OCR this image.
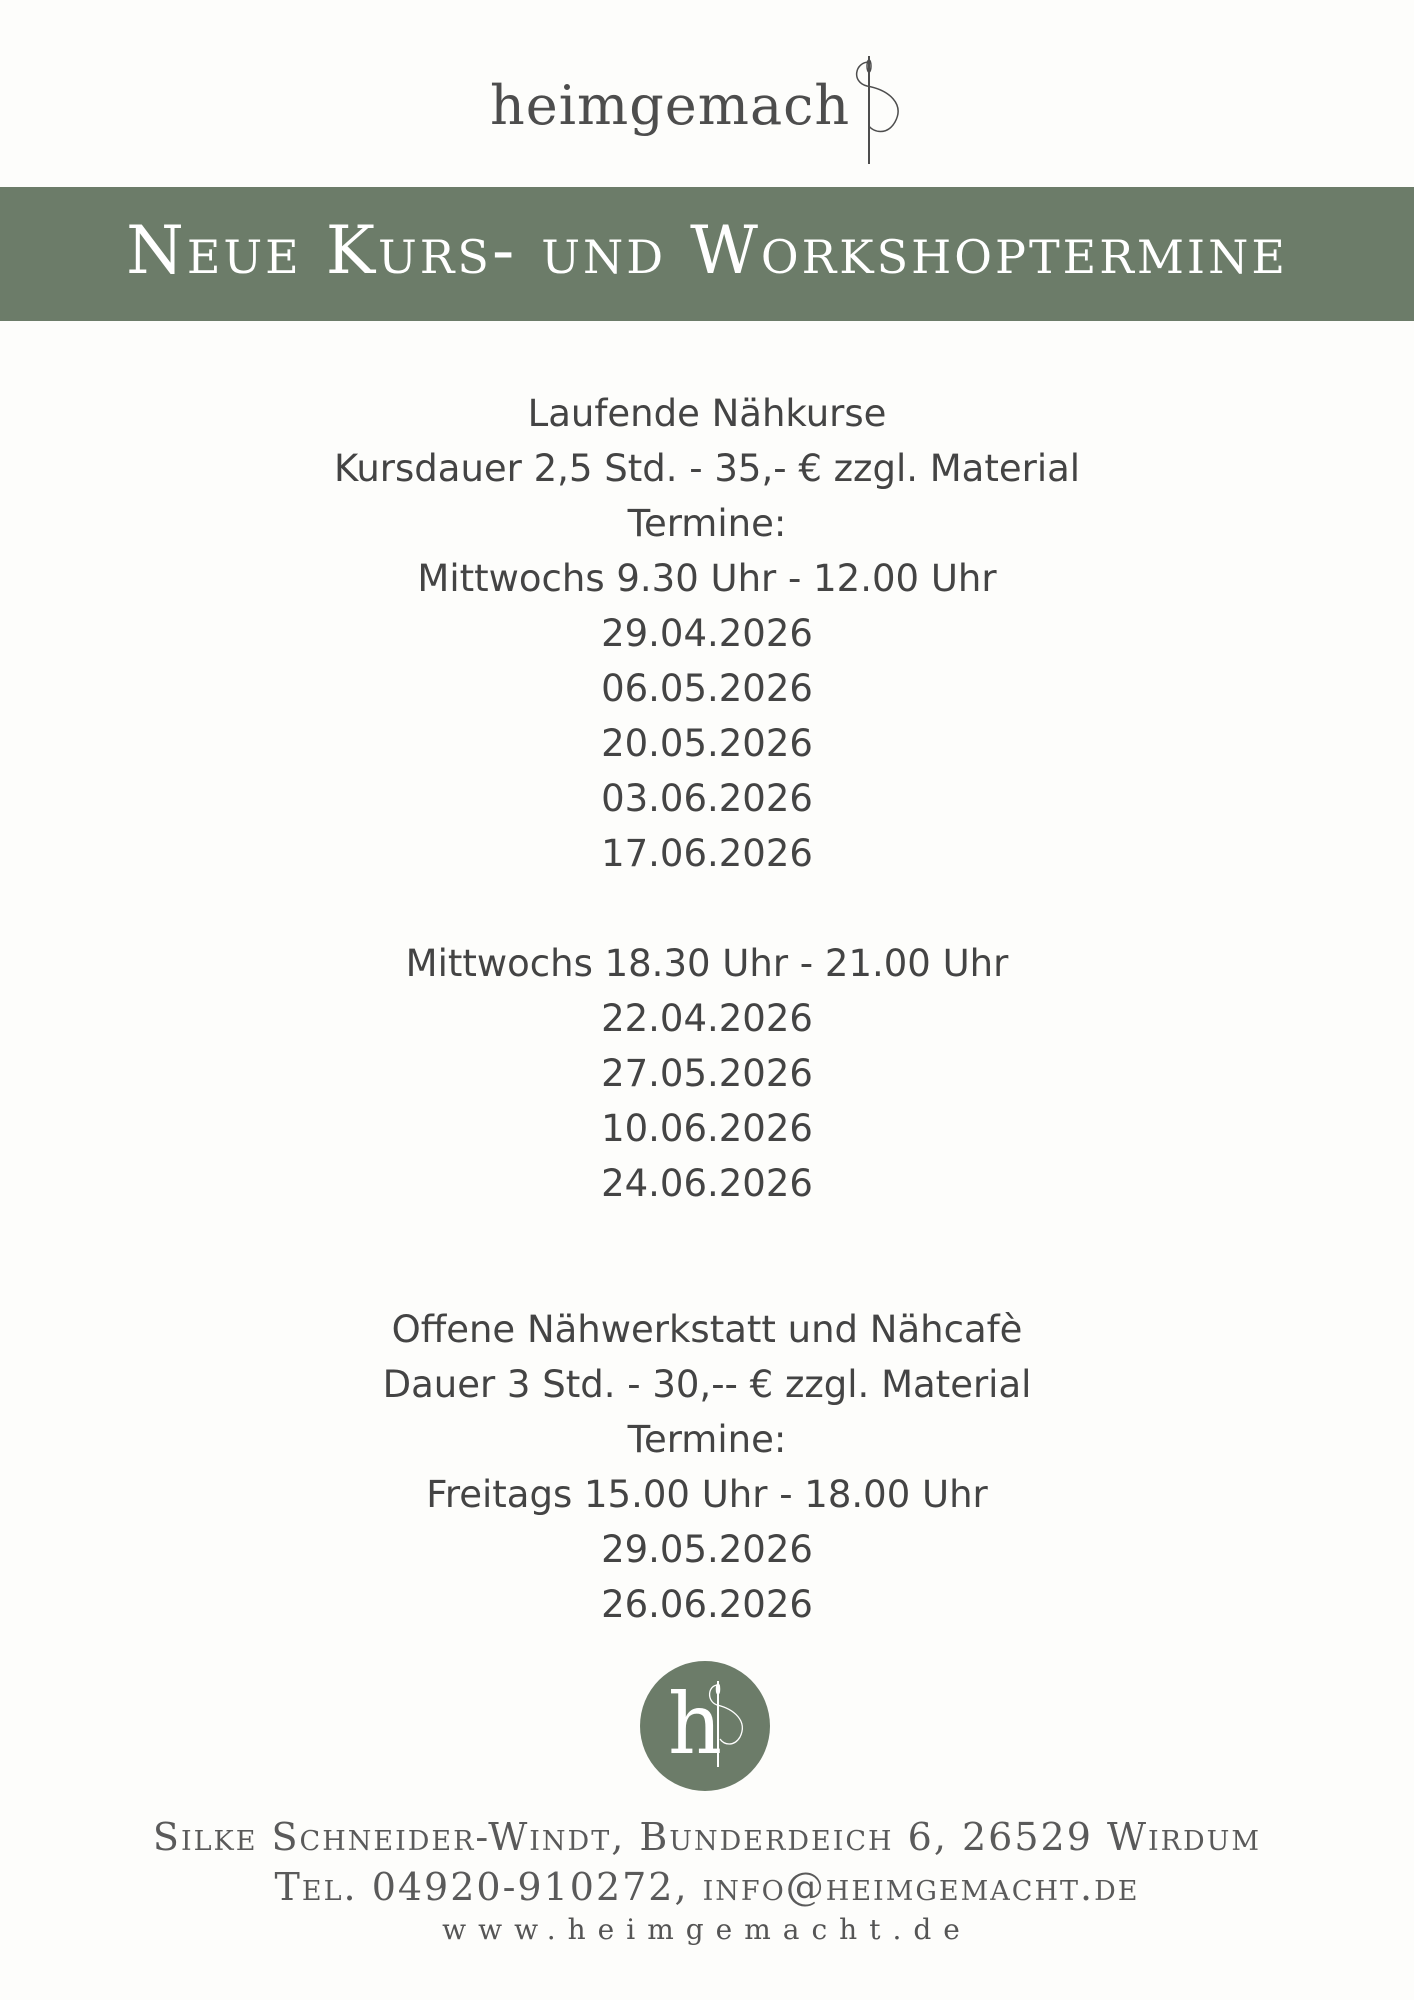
heimgemach
Neue Kurs- und Workshoptermine
Laufende Nähkurse
Kursdauer 2,5 Std. - 35,- € zzgl. Material
Termine:
Mittwochs 9.30 Uhr - 12.00 Uhr
29.04.2026
06.05.2026
20.05.2026
03.06.2026
17.06.2026
Mittwochs 18.30 Uhr - 21.00 Uhr
22.04.2026
27.05.2026
10.06.2026
24.06.2026
Offene Nähwerkstatt und Nähcafè
Dauer 3 Std. - 30,-- € zzgl. Material
Termine:
Freitags 15.00 Uhr - 18.00 Uhr
29.05.2026
26.06.2026
h
Silke Schneider-Windt, Bunderdeich 6, 26529 Wirdum
Tel. 04920-910272, info@heimgemacht.de
www.heimgemacht.de
